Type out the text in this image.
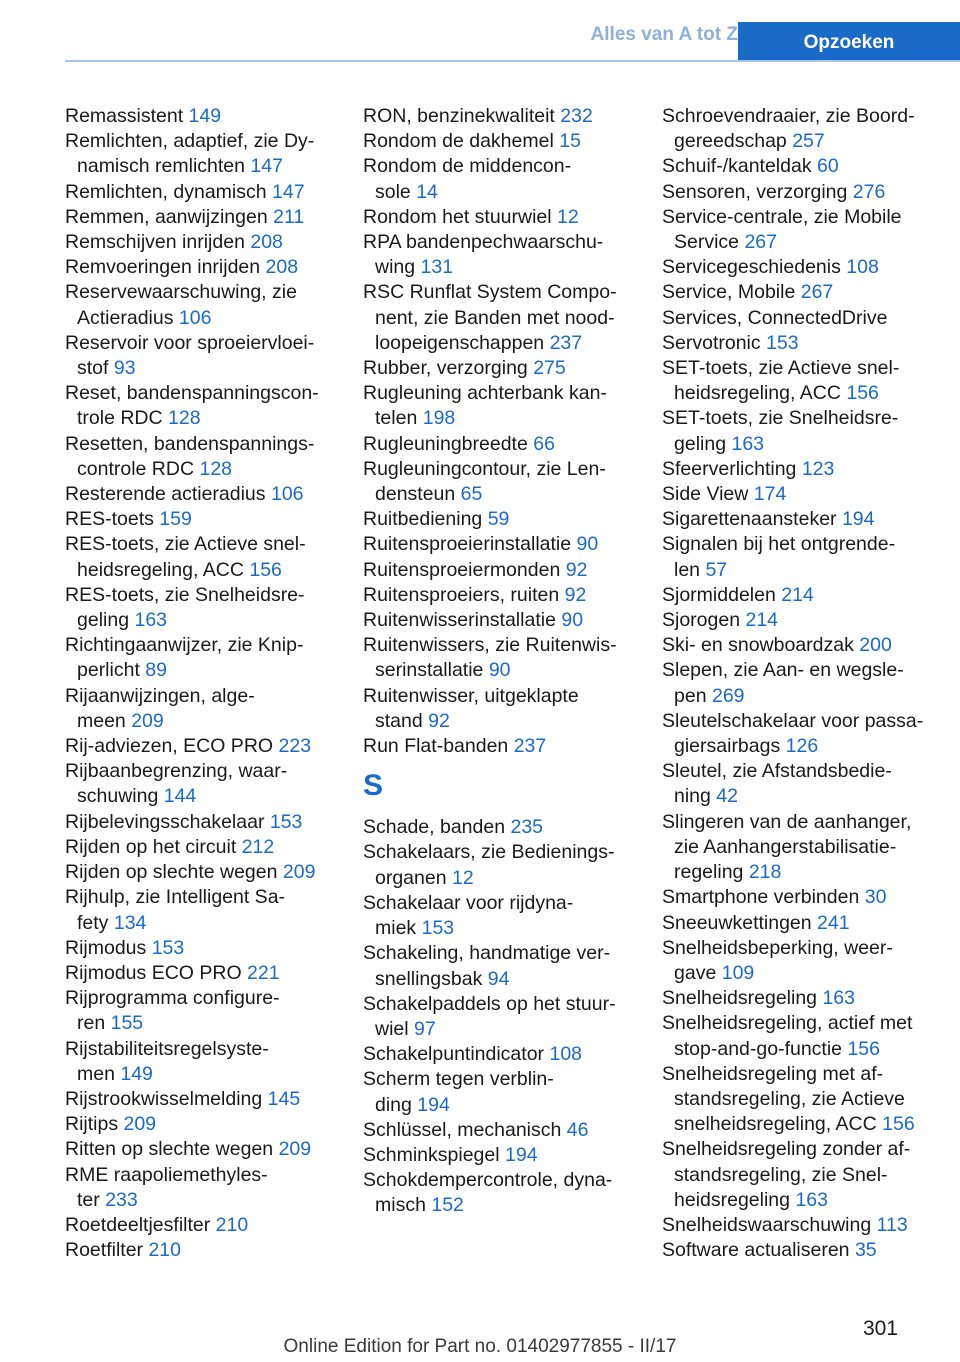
Alles van A tot Z	Opzoeken

Remassistent 149

Remlichten, adaptief, zie Dy-
namisch remlichten 147

Remlichten, dynamisch 147

Remmen, aanwijzingen 211

Remschijven inrijden 208

Remvoeringen inrijden 208

Reservewaarschuwing, zie
Actieradius 106

Reservoir voor sproeiervloei-
stof 93

Reset, bandenspanningscon-
trole RDC 128

Resetten, bandenspannings-
controle RDC 128

Resterende actieradius 106

RES-toets 159

RES-toets, zie Actieve snel-
heidsregeling, ACC 156

RES-toets, zie Snelheidsre-
geling 163

Richtingaanwijzer, zie Knip-
perlicht 89

Rijaanwijzingen, alge-
meen 209

Rij-adviezen, ECO PRO 223

Rijbaanbegrenzing, waar-
schuwing 144

Rijbelevingsschakelaar 153

Rijden op het circuit 212

Rijden op slechte wegen 209

Rijhulp, zie Intelligent Sa-
fety 134

Rijmodus 153

Rijmodus ECO PRO 221

Rijprogramma configure-
ren 155

Rijstabiliteitsregelsyste-
men 149

Rijstrookwisselmelding 145

Rijtips 209

Ritten op slechte wegen 209

RME raapoliemethyles-
ter 233

Roetdeeltjesfilter 210

Roetfilter 210

RON, benzinekwaliteit 232

Rondom de dakhemel 15

Rondom de middencon-
sole 14

Rondom het stuurwiel 12

RPA bandenpechwaarschu-
wing 131

RSC Runflat System Compo-
nent, zie Banden met nood-
loopeigenschappen 237

Rubber, verzorging 275

Rugleuning achterbank kan-
telen 198

Rugleuningbreedte 66

Rugleuningcontour, zie Len-
densteun 65

Ruitbediening 59

Ruitensproeierinstallatie 90

Ruitensproeiermonden 92

Ruitensproeiers, ruiten 92

Ruitenwisserinstallatie 90

Ruitenwissers, zie Ruitenwis-
serinstallatie 90

Ruitenwisser, uitgeklapte
stand 92

Run Flat-banden 237

S

Schade, banden 235

Schakelaars, zie Bedienings-
organen 12

Schakelaar voor rijdyna-
miek 153

Schakeling, handmatige ver-
snellingsbak 94

Schakelpaddels op het stuur-
wiel 97

Schakelpuntindicator 108

Scherm tegen verblin-
ding 194

Schlüssel, mechanisch 46

Schminkspiegel 194

Schokdempercontrole, dyna-
misch 152

Schroevendraaier, zie Boord-
gereedschap 257

Schuif-/kanteldak 60

Sensoren, verzorging 276

Service-centrale, zie Mobile
Service 267

Servicegeschiedenis 108

Service, Mobile 267

Services, ConnectedDrive

Servotronic 153

SET-toets, zie Actieve snel-
heidsregeling, ACC 156

SET-toets, zie Snelheidsre-
geling 163

Sfeerverlichting 123

Side View 174

Sigarettenaansteker 194

Signalen bij het ontgrende-
len 57

Sjormiddelen 214

Sjorogen 214

Ski- en snowboardzak 200

Slepen, zie Aan- en wegsle-
pen 269

Sleutelschakelaar voor passa-
giersairbags 126

Sleutel, zie Afstandsbedie-
ning 42

Slingeren van de aanhanger,
zie Aanhangerstabilisatie-
regeling 218

Smartphone verbinden 30

Sneeuwkettingen 241

Snelheidsbeperking, weer-
gave 109

Snelheidsregeling 163

Snelheidsregeling, actief met
stop-and-go-functie 156

Snelheidsregeling met af-
standsregeling, zie Actieve
snelheidsregeling, ACC 156

Snelheidsregeling zonder af-
standsregeling, zie Snel-
heidsregeling 163

Snelheidswaarschuwing 113

Software actualiseren 35

301
Online Edition for Part no. 01402977855 - II/17
